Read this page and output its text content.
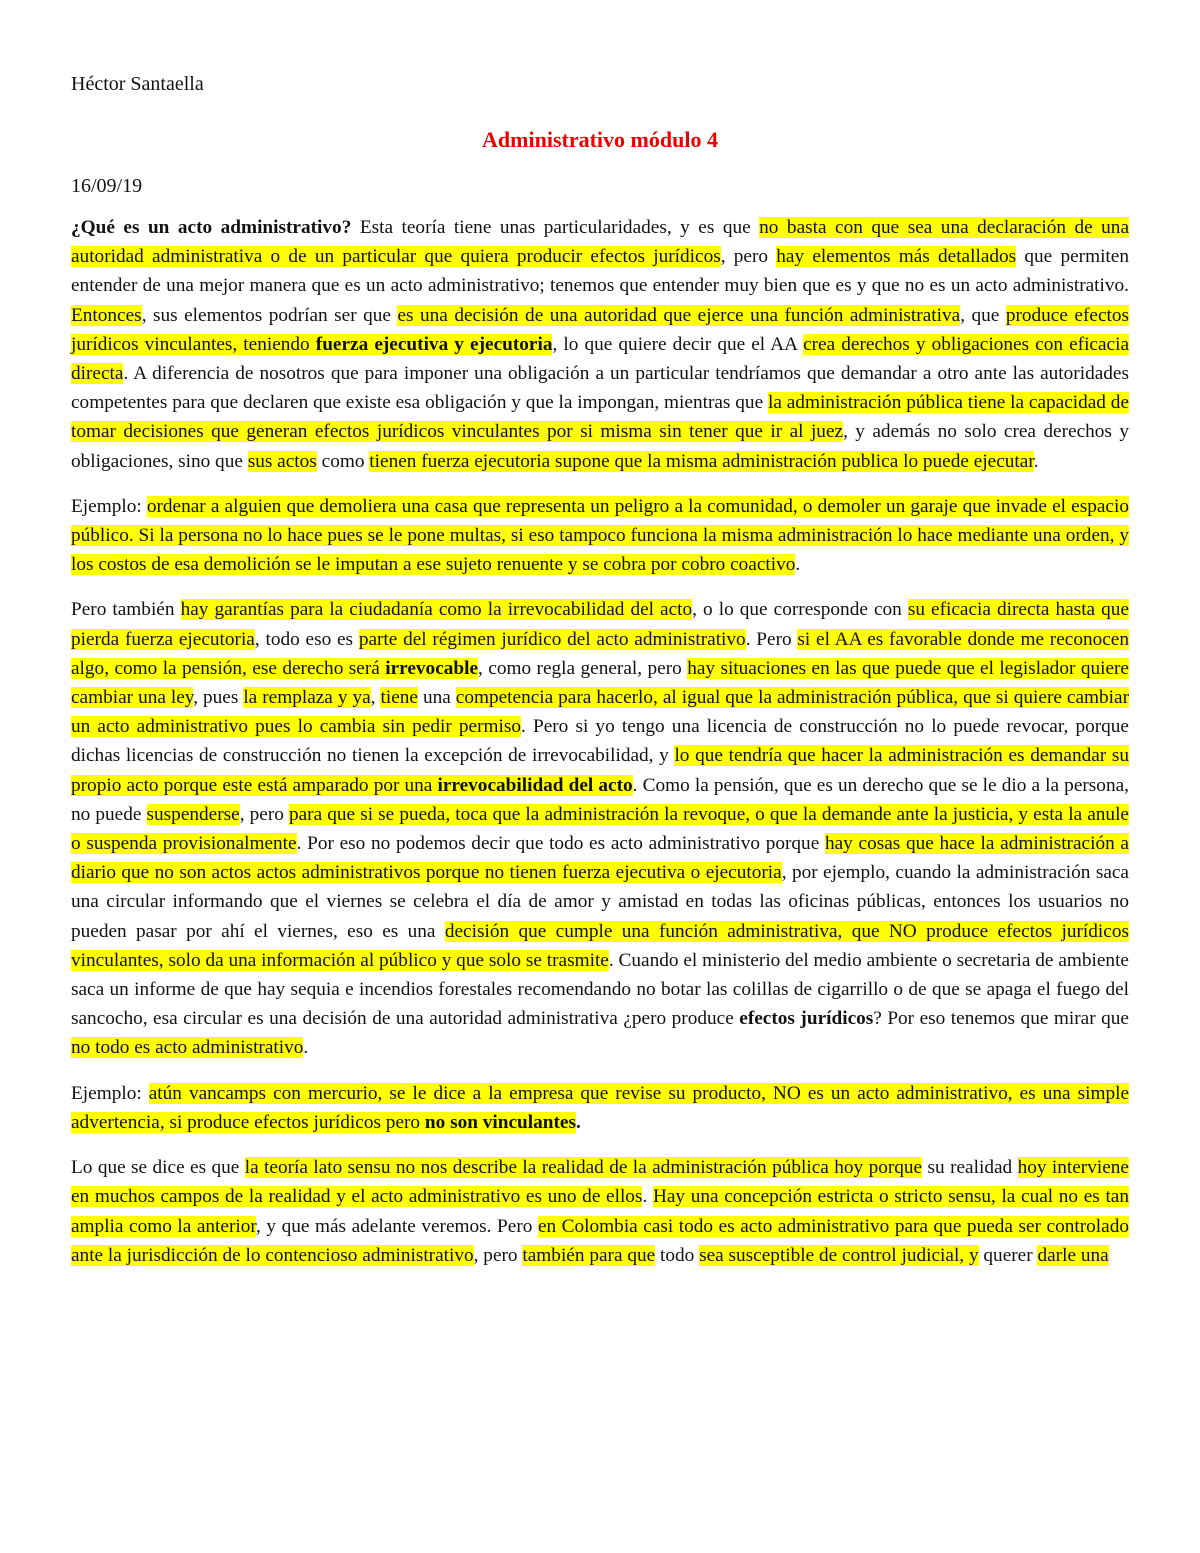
Héctor Santaella
Administrativo módulo 4
16/09/19

¿Qué es un acto administrativo? Esta teoría tiene unas particularidades, y es que no basta con que sea una declaración de una autoridad administrativa o de un particular que quiera producir efectos jurídicos, pero hay elementos más detallados que permiten entender de una mejor manera que es un acto administrativo; tenemos que entender muy bien que es y que no es un acto administrativo. Entonces, sus elementos podrían ser que es una decisión de una autoridad que ejerce una función administrativa, que produce efectos jurídicos vinculantes, teniendo fuerza ejecutiva y ejecutoria, lo que quiere decir que el AA crea derechos y obligaciones con eficacia directa. A diferencia de nosotros que para imponer una obligación a un particular tendríamos que demandar a otro ante las autoridades competentes para que declaren que existe esa obligación y que la impongan, mientras que la administración pública tiene la capacidad de tomar decisiones que generan efectos jurídicos vinculantes por si misma sin tener que ir al juez, y además no solo crea derechos y obligaciones, sino que sus actos como tienen fuerza ejecutoria supone que la misma administración publica lo puede ejecutar.

Ejemplo: ordenar a alguien que demoliera una casa que representa un peligro a la comunidad, o demoler un garaje que invade el espacio público. Si la persona no lo hace pues se le pone multas, si eso tampoco funciona la misma administración lo hace mediante una orden, y los costos de esa demolición se le imputan a ese sujeto renuente y se cobra por cobro coactivo.

Pero también hay garantías para la ciudadanía como la irrevocabilidad del acto, o lo que corresponde con su eficacia directa hasta que pierda fuerza ejecutoria, todo eso es parte del régimen jurídico del acto administrativo. Pero si el AA es favorable donde me reconocen algo, como la pensión, ese derecho será irrevocable, como regla general, pero hay situaciones en las que puede que el legislador quiere cambiar una ley, pues la remplaza y ya, tiene una competencia para hacerlo, al igual que la administración pública, que si quiere cambiar un acto administrativo pues lo cambia sin pedir permiso. Pero si yo tengo una licencia de construcción no lo puede revocar, porque dichas licencias de construcción no tienen la excepción de irrevocabilidad, y lo que tendría que hacer la administración es demandar su propio acto porque este está amparado por una irrevocabilidad del acto. Como la pensión, que es un derecho que se le dio a la persona, no puede suspenderse, pero para que si se pueda, toca que la administración la revoque, o que la demande ante la justicia, y esta la anule o suspenda provisionalmente. Por eso no podemos decir que todo es acto administrativo porque hay cosas que hace la administración a diario que no son actos actos administrativos porque no tienen fuerza ejecutiva o ejecutoria, por ejemplo, cuando la administración saca una circular informando que el viernes se celebra el día de amor y amistad en todas las oficinas públicas, entonces los usuarios no pueden pasar por ahí el viernes, eso es una decisión que cumple una función administrativa, que NO produce efectos jurídicos vinculantes, solo da una información al público y que solo se trasmite. Cuando el ministerio del medio ambiente o secretaria de ambiente saca un informe de que hay sequia e incendios forestales recomendando no botar las colillas de cigarrillo o de que se apaga el fuego del sancocho, esa circular es una decisión de una autoridad administrativa ¿pero produce efectos jurídicos? Por eso tenemos que mirar que no todo es acto administrativo.

Ejemplo: atún vancamps con mercurio, se le dice a la empresa que revise su producto, NO es un acto administrativo, es una simple advertencia, si produce efectos jurídicos pero no son vinculantes.

Lo que se dice es que la teoría lato sensu no nos describe la realidad de la administración pública hoy porque su realidad hoy interviene en muchos campos de la realidad y el acto administrativo es uno de ellos. Hay una concepción estricta o stricto sensu, la cual no es tan amplia como la anterior, y que más adelante veremos. Pero en Colombia casi todo es acto administrativo para que pueda ser controlado ante la jurisdicción de lo contencioso administrativo, pero también para que todo sea susceptible de control judicial, y querer darle una
